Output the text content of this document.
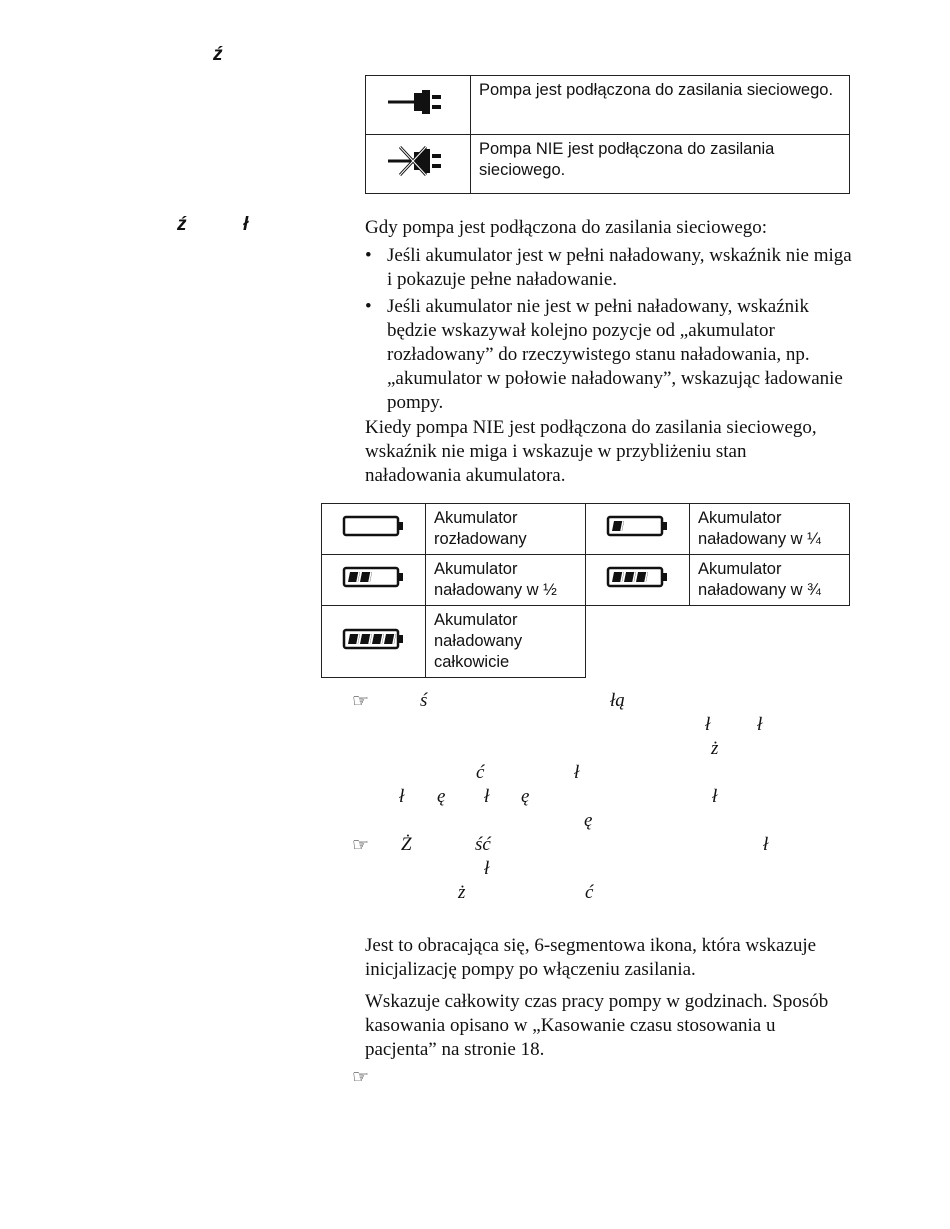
ź
	Pompa jest podłączona do zasilania sieciowego.
	Pompa NIE jest podłączona do zasilania sieciowego.
ź	ł	Gdy pompa jest podłączona do zasilania sieciowego:

• Jeśli akumulator jest w pełni naładowany, wskaźnik nie miga i pokazuje pełne naładowanie.
• Jeśli akumulator nie jest w pełni naładowany, wskaźnik będzie wskazywał kolejno pozycje od „akumulator rozładowany” do rzeczywistego stanu naładowania, np. „akumulator w połowie naładowany”, wskazując ładowanie pompy.

Kiedy pompa NIE jest podłączona do zasilania sieciowego, wskaźnik nie miga i wskazuje w przybliżeniu stan naładowania akumulatora.

	Akumulator rozładowany		Akumulator naładowany w ¼
	Akumulator naładowany w ½		Akumulator naładowany w ¾
	Akumulator naładowany całkowicie		
☞	ś	łą
ł ł
ż
ć	ł
ł ę ł ę	ł
ę
☞ Ż	ść	ł
ł
ż	ć

Jest to obracająca się, 6-segmentowa ikona, która wskazuje inicjalizację pompy po włączeniu zasilania.

Wskazuje całkowity czas pracy pompy w godzinach. Sposób kasowania opisano w „Kasowanie czasu stosowania u pacjenta” na stronie 18.

☞
